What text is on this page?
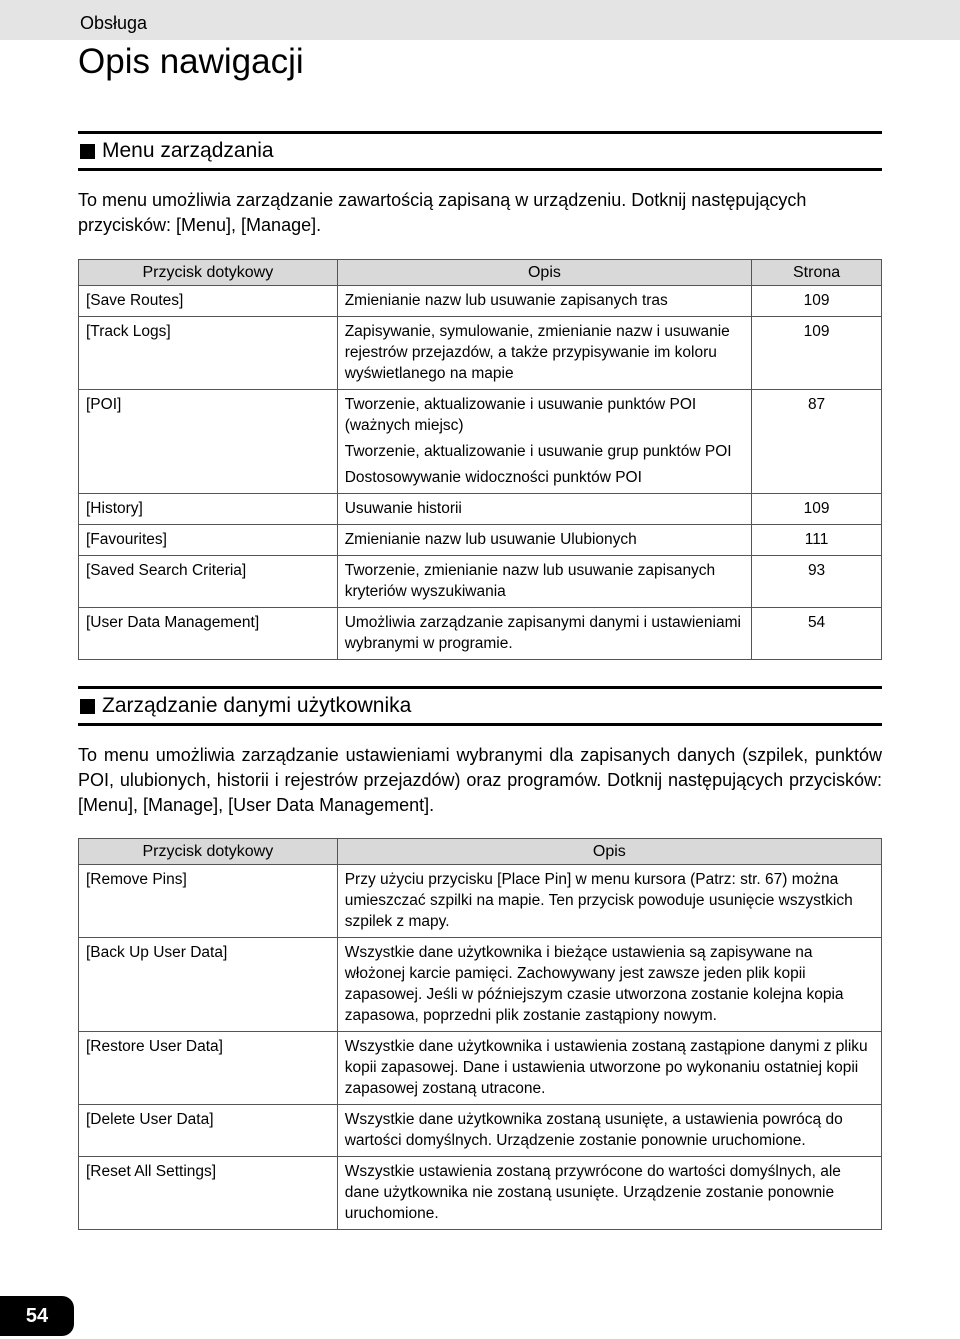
Obsługa
Opis nawigacji
Menu zarządzania

To menu umożliwia zarządzanie zawartością zapisaną w urządzeniu. Dotknij następujących przycisków: [Menu], [Manage].

Przycisk dotykowy	Opis	Strona
[Save Routes]	Zmienianie nazw lub usuwanie zapisanych tras	109
[Track Logs]	Zapisywanie, symulowanie, zmienianie nazw i usuwanie rejestrów przejazdów, a także przypisywanie im koloru wyświetlanego na mapie	109
[POI]	Tworzenie, aktualizowanie i usuwanie punktów POI (ważnych miejsc)
Tworzenie, aktualizowanie i usuwanie grup punktów POI
Dostosowywanie widoczności punktów POI	87
[History]	Usuwanie historii	109
[Favourites]	Zmienianie nazw lub usuwanie Ulubionych	111
[Saved Search Criteria]	Tworzenie, zmienianie nazw lub usuwanie zapisanych kryteriów wyszukiwania	93
[User Data Management]	Umożliwia zarządzanie zapisanymi danymi i ustawieniami wybranymi w programie.	54
Zarządzanie danymi użytkownika

To menu umożliwia zarządzanie ustawieniami wybranymi dla zapisanych danych (szpilek, punktów POI, ulubionych, historii i rejestrów przejazdów) oraz programów. Dotknij następujących przycisków: [Menu], [Manage], [User Data Management].

Przycisk dotykowy	Opis
[Remove Pins]	Przy użyciu przycisku [Place Pin] w menu kursora (Patrz: str. 67) można umieszczać szpilki na mapie. Ten przycisk powoduje usunięcie wszystkich szpilek z mapy.
[Back Up User Data]	Wszystkie dane użytkownika i bieżące ustawienia są zapisywane na włożonej karcie pamięci. Zachowywany jest zawsze jeden plik kopii zapasowej. Jeśli w późniejszym czasie utworzona zostanie kolejna kopia zapasowa, poprzedni plik zostanie zastąpiony nowym.
[Restore User Data]	Wszystkie dane użytkownika i ustawienia zostaną zastąpione danymi z pliku kopii zapasowej. Dane i ustawienia utworzone po wykonaniu ostatniej kopii zapasowej zostaną utracone.
[Delete User Data]	Wszystkie dane użytkownika zostaną usunięte, a ustawienia powrócą do wartości domyślnych. Urządzenie zostanie ponownie uruchomione.
[Reset All Settings]	Wszystkie ustawienia zostaną przywrócone do wartości domyślnych, ale dane użytkownika nie zostaną usunięte. Urządzenie zostanie ponownie uruchomione.
54
